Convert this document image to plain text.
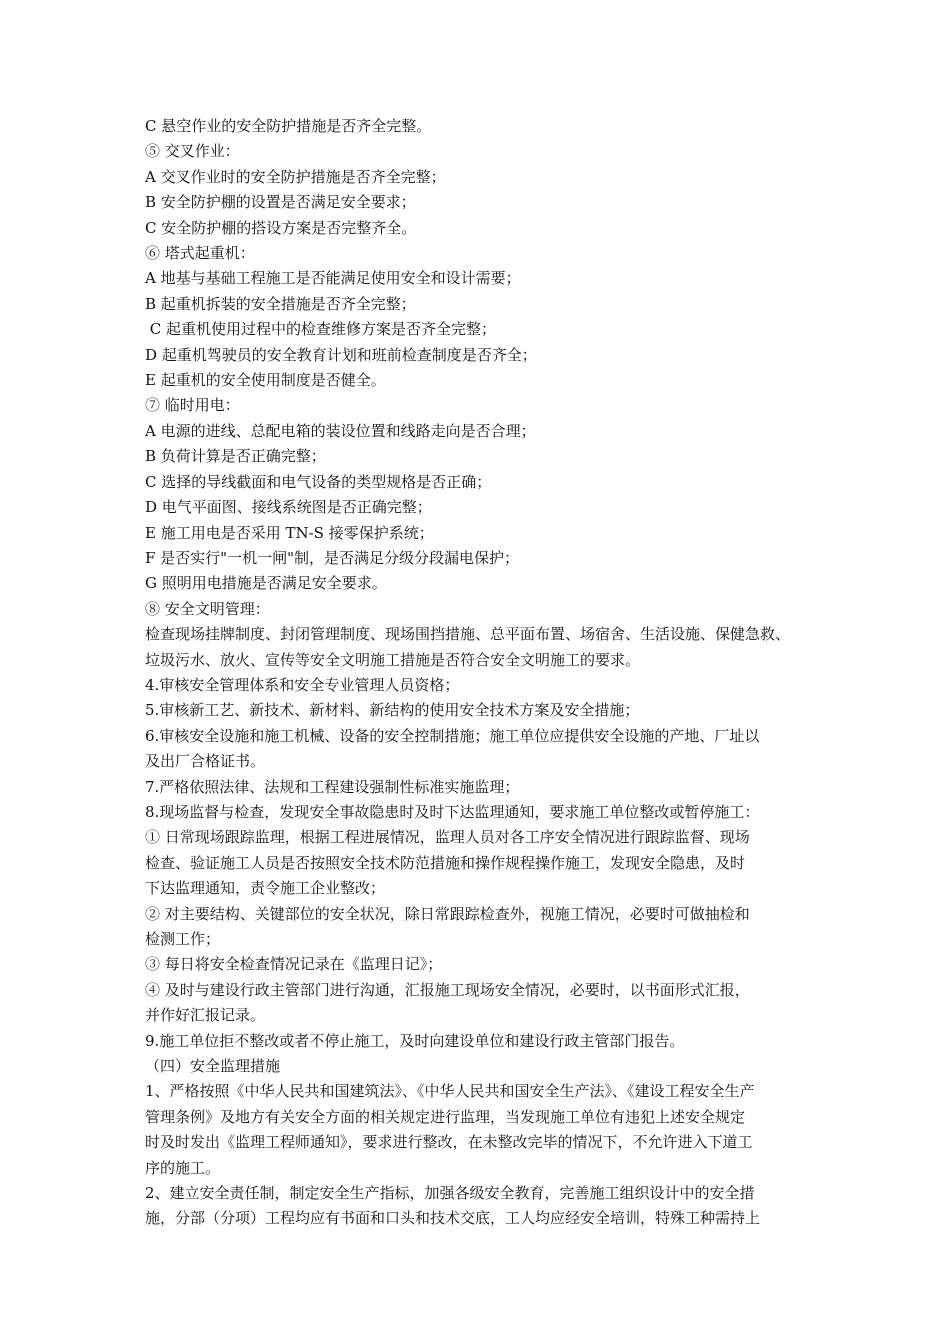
C 悬空作业的安全防护措施是否齐全完整。
⑤ 交叉作业：
A 交叉作业时的安全防护措施是否齐全完整；
B 安全防护棚的设置是否满足安全要求；
C 安全防护棚的搭设方案是否完整齐全。
⑥ 塔式起重机：
A 地基与基础工程施工是否能满足使用安全和设计需要；
B 起重机拆装的安全措施是否齐全完整；
C 起重机使用过程中的检查维修方案是否齐全完整；
D 起重机驾驶员的安全教育计划和班前检查制度是否齐全；
E 起重机的安全使用制度是否健全。
⑦ 临时用电：
A 电源的进线、总配电箱的装设位置和线路走向是否合理；
B 负荷计算是否正确完整；
C 选择的导线截面和电气设备的类型规格是否正确；
D 电气平面图、接线系统图是否正确完整；
E 施工用电是否采用 TN-S 接零保护系统；
F 是否实行"一机一闸"制，是否满足分级分段漏电保护；
G 照明用电措施是否满足安全要求。
⑧ 安全文明管理：
检查现场挂牌制度、封闭管理制度、现场围挡措施、总平面布置、场宿舍、生活设施、保健急救、
垃圾污水、放火、宣传等安全文明施工措施是否符合安全文明施工的要求。
4.审核安全管理体系和安全专业管理人员资格；
5.审核新工艺、新技术、新材料、新结构的使用安全技术方案及安全措施；
6.审核安全设施和施工机械、设备的安全控制措施；施工单位应提供安全设施的产地、厂址以
及出厂合格证书。
7.严格依照法律、法规和工程建设强制性标准实施监理；
8.现场监督与检查，发现安全事故隐患时及时下达监理通知，要求施工单位整改或暂停施工：
① 日常现场跟踪监理，根据工程进展情况，监理人员对各工序安全情况进行跟踪监督、现场
检查、验证施工人员是否按照安全技术防范措施和操作规程操作施工，发现安全隐患，及时
下达监理通知，责令施工企业整改；
② 对主要结构、关键部位的安全状况，除日常跟踪检查外，视施工情况，必要时可做抽检和
检测工作；
③ 每日将安全检查情况记录在《监理日记》；
④ 及时与建设行政主管部门进行沟通，汇报施工现场安全情况，必要时，以书面形式汇报，
并作好汇报记录。
9.施工单位拒不整改或者不停止施工，及时向建设单位和建设行政主管部门报告。
（四）安全监理措施
1、严格按照《中华人民共和国建筑法》、《中华人民共和国安全生产法》、《建设工程安全生产
管理条例》及地方有关安全方面的相关规定进行监理，当发现施工单位有违犯上述安全规定
时及时发出《监理工程师通知》，要求进行整改，在未整改完毕的情况下，不允许进入下道工
序的施工。
2、建立安全责任制，制定安全生产指标，加强各级安全教育，完善施工组织设计中的安全措
施，分部（分项）工程均应有书面和口头和技术交底，工人均应经安全培训，特殊工种需持上
